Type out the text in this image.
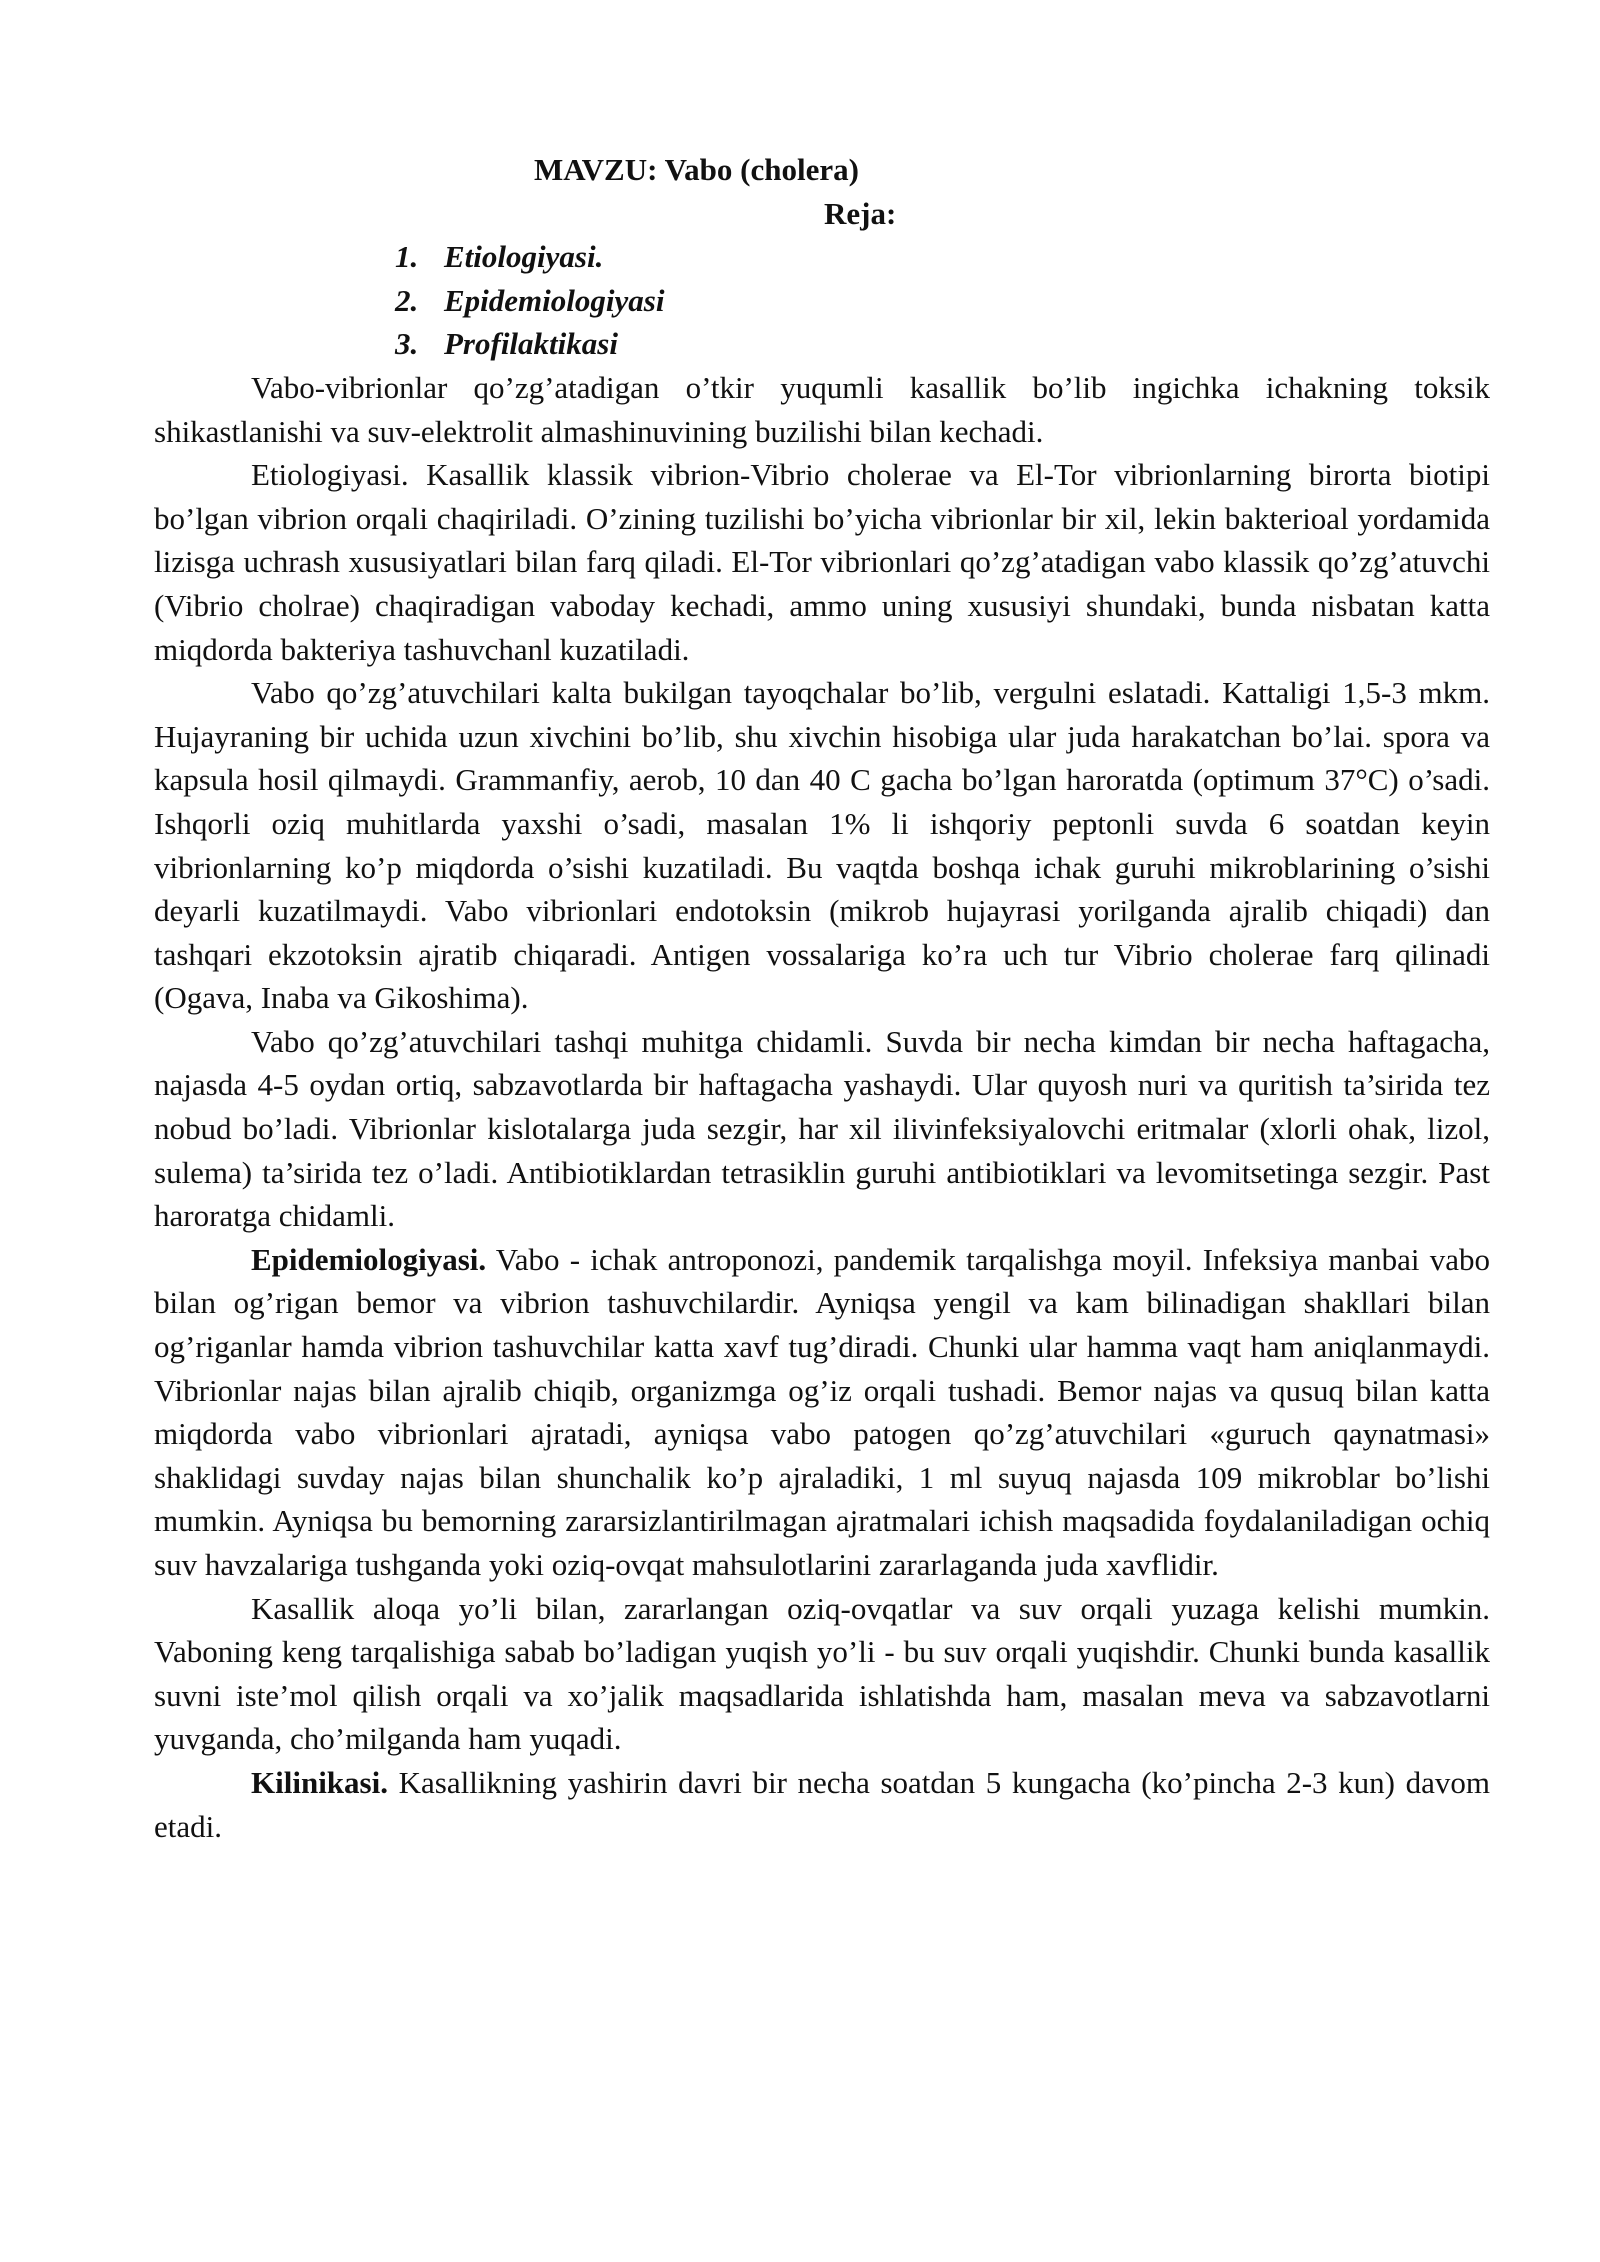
MAVZU: Vabo (cholera)

Reja:

1. Etiologiyasi.
2. Epidemiologiyasi
3. Profilaktikasi

Vabo-vibrionlar qo’zg’atadigan o’tkir yuqumli kasallik bo’lib ingichka ichakning toksik shikastlanishi va suv-elektrolit almashinuvining buzilishi bilan kechadi.

Etiologiyasi. Kasallik klassik vibrion-Vibrio cholerae va El-Tor vibrionlarning birorta biotipi bo’lgan vibrion orqali chaqiriladi. O’zining tuzilishi bo’yicha vibrionlar bir xil, lekin bakterioal yordamida lizisga uchrash xususiyatlari bilan farq qiladi. El-Tor vibrionlari qo’zg’atadigan vabo klassik qo’zg’atuvchi (Vibrio cholrae) chaqiradigan vaboday kechadi, ammo uning xususiyi shundaki, bunda nisbatan katta miqdorda bakteriya tashuvchanl kuzatiladi.

Vabo qo’zg’atuvchilari kalta bukilgan tayoqchalar bo’lib, vergulni eslatadi. Kattaligi 1,5-3 mkm. Hujayraning bir uchida uzun xivchini bo’lib, shu xivchin hisobiga ular juda harakatchan bo’lai. spora va kapsula hosil qilmaydi. Grammanfiy, aerob, 10 dan 40 C gacha bo’lgan haroratda (optimum 37°C) o’sadi. Ishqorli oziq muhitlarda yaxshi o’sadi, masalan 1% li ishqoriy peptonli suvda 6 soatdan keyin vibrionlarning ko’p miqdorda o’sishi kuzatiladi. Bu vaqtda boshqa ichak guruhi mikroblarining o’sishi deyarli kuzatilmaydi. Vabo vibrionlari endotoksin (mikrob hujayrasi yorilganda ajralib chiqadi) dan tashqari ekzotoksin ajratib chiqaradi. Antigen vossalariga ko’ra uch tur Vibrio cholerae farq qilinadi (Ogava, Inaba va Gikoshima).

Vabo qo’zg’atuvchilari tashqi muhitga chidamli. Suvda bir necha kimdan bir necha haftagacha, najasda 4-5 oydan ortiq, sabzavotlarda bir haftagacha yashaydi. Ular quyosh nuri va quritish ta’sirida tez nobud bo’ladi. Vibrionlar kislotalarga juda sezgir, har xil ilivinfeksiyalovchi eritmalar (xlorli ohak, lizol, sulema) ta’sirida tez o’ladi. Antibiotiklardan tetrasiklin guruhi antibiotiklari va levomitsetinga sezgir. Past haroratga chidamli.

Epidemiologiyasi. Vabo - ichak antroponozi, pandemik tarqalishga moyil. Infeksiya manbai vabo bilan og’rigan bemor va vibrion tashuvchilardir. Ayniqsa yengil va kam bilinadigan shakllari bilan og’riganlar hamda vibrion tashuvchilar katta xavf tug’diradi. Chunki ular hamma vaqt ham aniqlanmaydi. Vibrionlar najas bilan ajralib chiqib, organizmga og’iz orqali tushadi. Bemor najas va qusuq bilan katta miqdorda vabo vibrionlari ajratadi, ayniqsa vabo patogen qo’zg’atuvchilari «guruch qaynatmasi» shaklidagi suvday najas bilan shunchalik ko’p ajraladiki, 1 ml suyuq najasda 109 mikroblar bo’lishi mumkin. Ayniqsa bu bemorning zararsizlantirilmagan ajratmalari ichish maqsadida foydalaniladigan ochiq suv havzalariga tushganda yoki oziq-ovqat mahsulotlarini zararlaganda juda xavflidir.

Kasallik aloqa yo’li bilan, zararlangan oziq-ovqatlar va suv orqali yuzaga kelishi mumkin. Vaboning keng tarqalishiga sabab bo’ladigan yuqish yo’li - bu suv orqali yuqishdir. Chunki bunda kasallik suvni iste’mol qilish orqali va xo’jalik maqsadlarida ishlatishda ham, masalan meva va sabzavotlarni yuvganda, cho’milganda ham yuqadi.

Kilinikasi. Kasallikning yashirin davri bir necha soatdan 5 kungacha (ko’pincha 2-3 kun) davom etadi.
